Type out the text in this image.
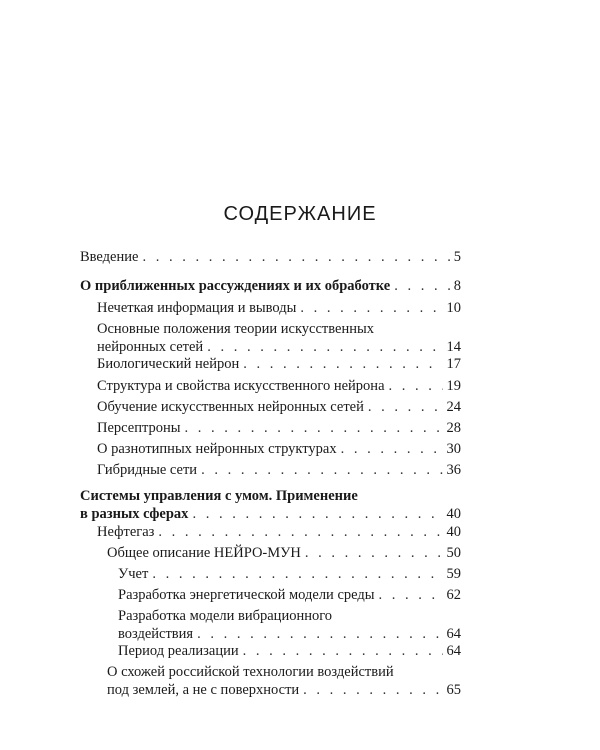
СОДЕРЖАНИЕ
Введение . . .	5
О приближенных рассуждениях и их обработке . . .	8
Нечеткая информация и выводы . . .	10
Основные положения теории искусственных
нейронных сетей . . .	14
Биологический нейрон . . .	17
Структура и свойства искусственного нейрона . . .	19
Обучение искусственных нейронных сетей . . .	24
Персептроны . . .	28
О разнотипных нейронных структурах . . .	30
Гибридные сети . . .	36
Системы управления с умом. Применение
в разных сферах . . .	40
Нефтегаз . . .	40
Общее описание НЕЙРО-МУН . . .	50
Учет . . .	59
Разработка энергетической модели среды . . .	62
Разработка модели вибрационного
воздействия . . .	64
Период реализации . . .	64
О схожей российской технологии воздействий
под землей, а не с поверхности . . .	65
